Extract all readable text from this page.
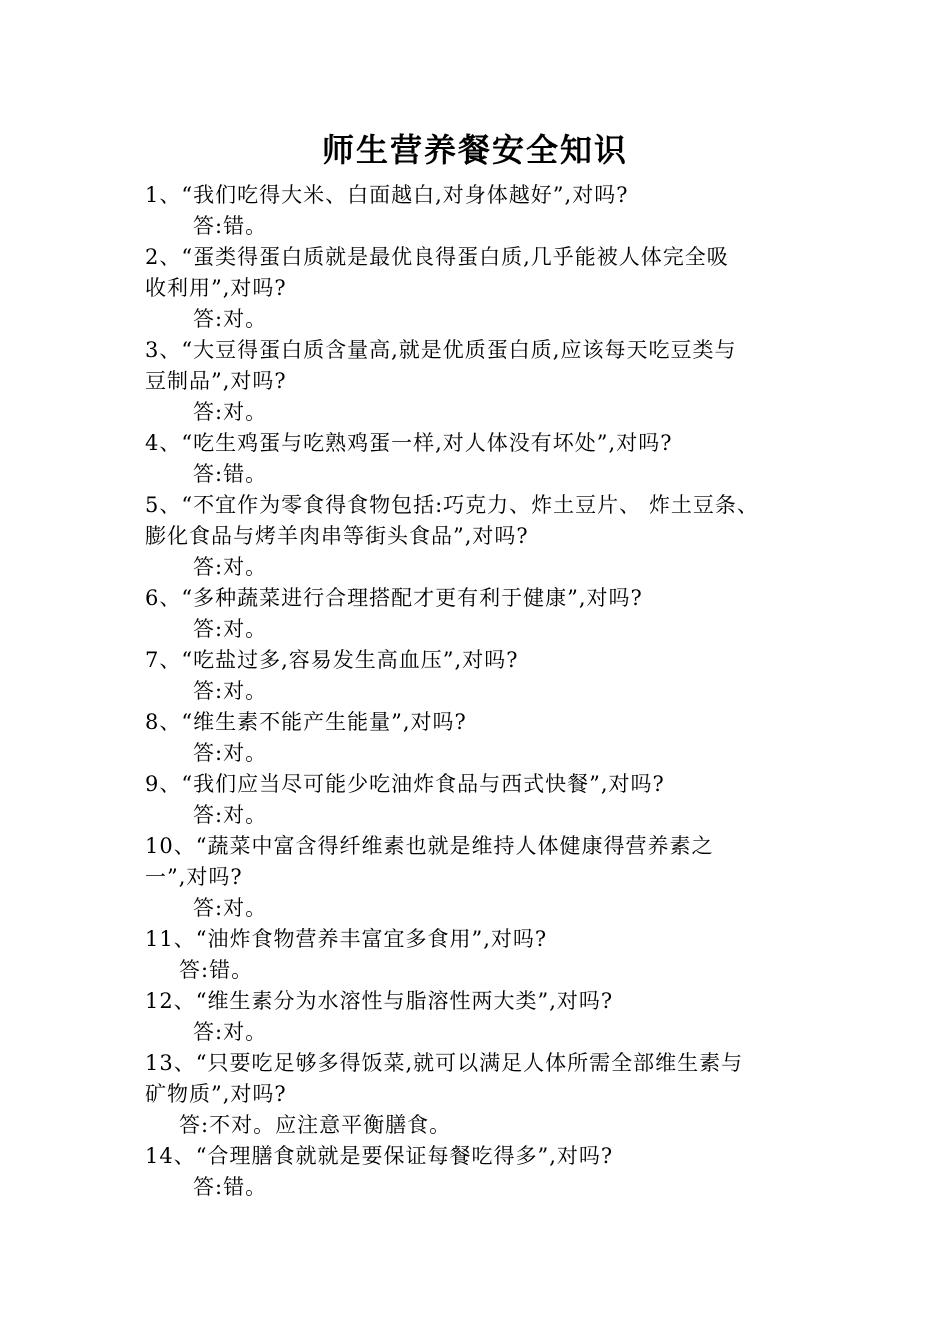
师生营养餐安全知识
1、“我们吃得大米、白面越白,对身体越好”,对吗?
答:错。
2、“蛋类得蛋白质就是最优良得蛋白质,几乎能被人体完全吸
收利用”,对吗?
答:对。
3、“大豆得蛋白质含量高,就是优质蛋白质,应该每天吃豆类与
豆制品”,对吗?
答:对。
4、“吃生鸡蛋与吃熟鸡蛋一样,对人体没有坏处”,对吗?
答:错。
5、“不宜作为零食得食物包括:巧克力、炸土豆片、 炸土豆条、
膨化食品与烤羊肉串等街头食品”,对吗?
答:对。
6、“多种蔬菜进行合理搭配才更有利于健康”,对吗?
答:对。
7、“吃盐过多,容易发生高血压”,对吗?
答:对。
8、“维生素不能产生能量”,对吗?
答:对。
9、“我们应当尽可能少吃油炸食品与西式快餐”,对吗?
答:对。
10、“蔬菜中富含得纤维素也就是维持人体健康得营养素之
一”,对吗?
答:对。
11、“油炸食物营养丰富宜多食用”,对吗?
答:错。
12、“维生素分为水溶性与脂溶性两大类”,对吗?
答:对。
13、“只要吃足够多得饭菜,就可以满足人体所需全部维生素与
矿物质”,对吗?
答:不对。应注意平衡膳食。
14、“合理膳食就就是要保证每餐吃得多”,对吗?
答:错。
